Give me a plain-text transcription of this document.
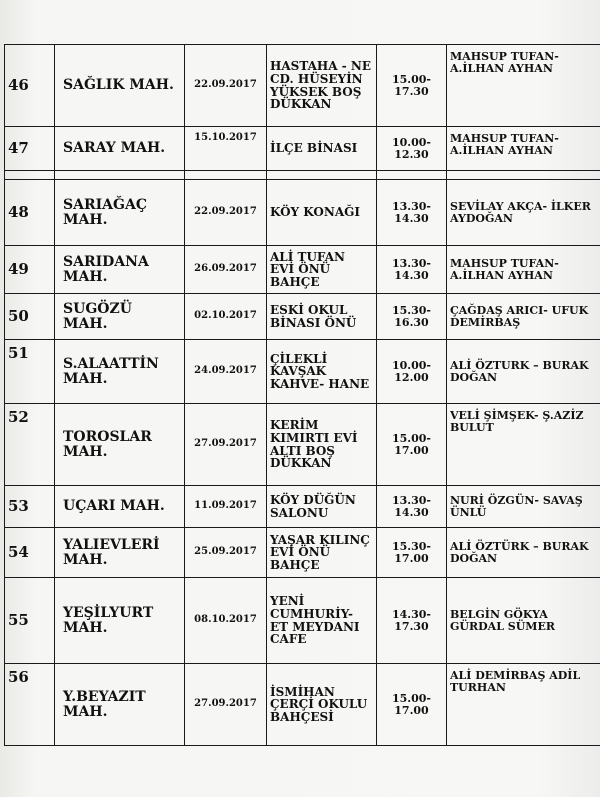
46	SAĞLIK MAH.	22.09.2017	HASTAHA - NE CD. HÜSEYİN YÜKSEK BOŞ DÜKKAN	15.00- 17.30	MAHSUP TUFAN- A.İLHAN AYHAN
47	SARAY MAH.	15.10.2017	İLÇE BİNASI	10.00- 12.30	MAHSUP TUFAN- A.İLHAN AYHAN

48	SARIAĞAÇ MAH.	22.09.2017	KÖY KONAĞI	13.30- 14.30	SEVİLAY AKÇA- İLKER AYDOĞAN
49	SARIDANA MAH.	26.09.2017	ALİ TUFAN EVİ ÖNÜ BAHÇE	13.30- 14.30	MAHSUP TUFAN- A.İLHAN AYHAN
50	SUGÖZÜ MAH.	02.10.2017	ESKİ OKUL BİNASI ÖNÜ	15.30- 16.30	ÇAĞDAŞ ARICI- UFUK DEMİRBAŞ
51	S.ALAATTİN MAH.	24.09.2017	ÇİLEKLİ KAVŞAK KAHVE- HANE	10.00- 12.00	ALİ ÖZTURK – BURAK DOĞAN
52	TOROSLAR MAH.	27.09.2017	KERİM KIMIRTI EVİ ALTI BOŞ DÜKKAN	15.00- 17.00	VELİ ŞİMŞEK- Ş.AZİZ BULUT
53	UÇARI MAH.	11.09.2017	KÖY DÜĞÜN SALONU	13.30- 14.30	NURİ ÖZGÜN- SAVAŞ ÜNLÜ
54	YALIEVLERİ MAH.	25.09.2017	YAŞAR KILINÇ EVİ ÖNÜ BAHÇE	15.30- 17.00	ALİ ÖZTÜRK – BURAK DOĞAN
55	YEŞİLYURT MAH.	08.10.2017	YENİ CUMHURİY- ET MEYDANI CAFE	14.30- 17.30	BELGİN GÖKYA GÜRDAL SÜMER
56	Y.BEYAZIT MAH.	27.09.2017	İSMİHAN ÇERÇİ OKULU BAHÇESİ	15.00- 17.00	ALİ DEMİRBAŞ ADİL TURHAN
